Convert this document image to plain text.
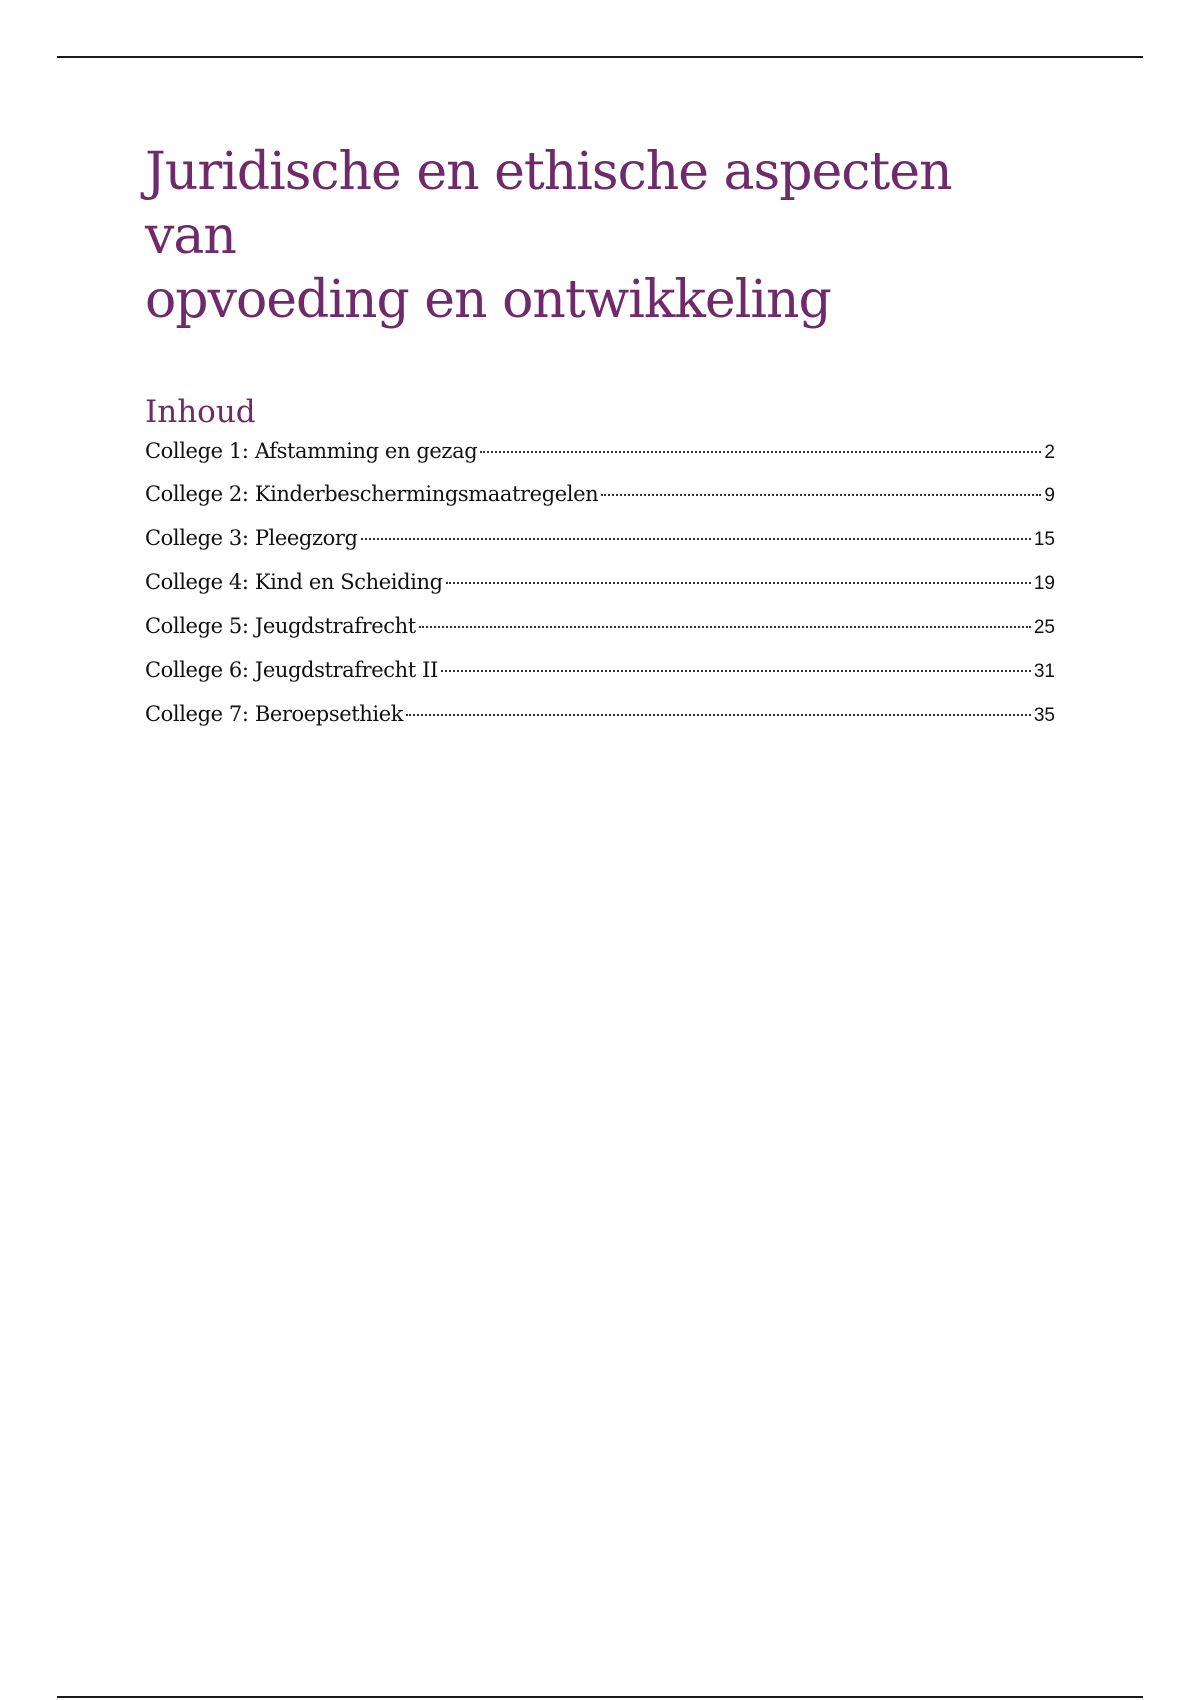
Juridische en ethische aspecten van
opvoeding en ontwikkeling
Inhoud
College 1: Afstamming en gezag	2
College 2: Kinderbeschermingsmaatregelen	9
College 3: Pleegzorg	15
College 4: Kind en Scheiding	19
College 5: Jeugdstrafrecht	25
College 6: Jeugdstrafrecht II	31
College 7: Beroepsethiek	35
